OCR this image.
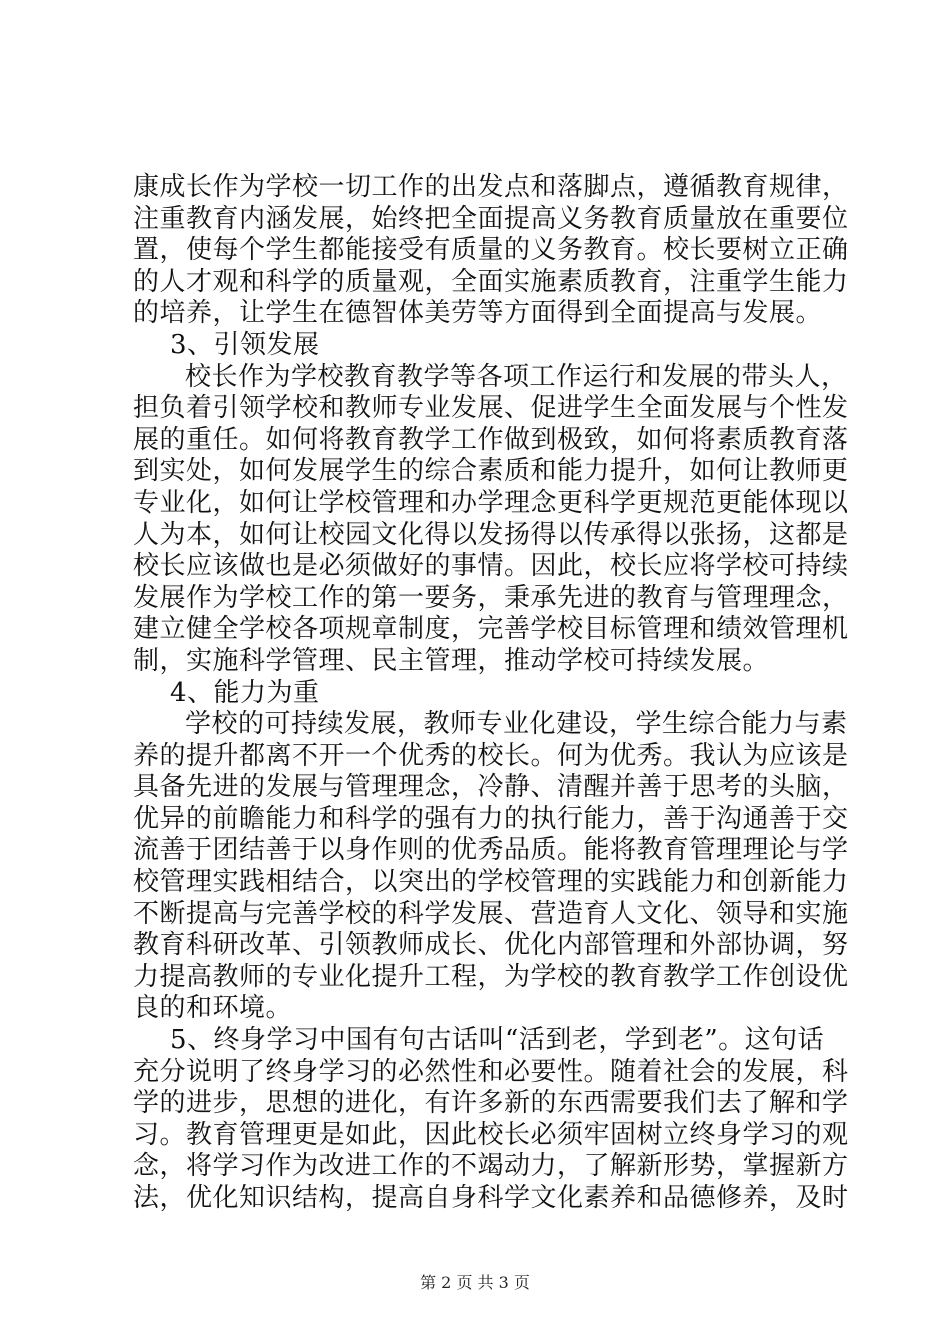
康成长作为学校一切工作的出发点和落脚点，遵循教育规律，
注重教育内涵发展，始终把全面提高义务教育质量放在重要位
置，使每个学生都能接受有质量的义务教育。校长要树立正确
的人才观和科学的质量观，全面实施素质教育，注重学生能力
的培养，让学生在德智体美劳等方面得到全面提高与发展。
3、引领发展
校长作为学校教育教学等各项工作运行和发展的带头人，
担负着引领学校和教师专业发展、促进学生全面发展与个性发
展的重任。如何将教育教学工作做到极致，如何将素质教育落
到实处，如何发展学生的综合素质和能力提升，如何让教师更
专业化，如何让学校管理和办学理念更科学更规范更能体现以
人为本，如何让校园文化得以发扬得以传承得以张扬，这都是
校长应该做也是必须做好的事情。因此，校长应将学校可持续
发展作为学校工作的第一要务，秉承先进的教育与管理理念，
建立健全学校各项规章制度，完善学校目标管理和绩效管理机
制，实施科学管理、民主管理，推动学校可持续发展。
4、能力为重
学校的可持续发展，教师专业化建设，学生综合能力与素
养的提升都离不开一个优秀的校长。何为优秀。我认为应该是
具备先进的发展与管理理念，冷静、清醒并善于思考的头脑，
优异的前瞻能力和科学的强有力的执行能力，善于沟通善于交
流善于团结善于以身作则的优秀品质。能将教育管理理论与学
校管理实践相结合，以突出的学校管理的实践能力和创新能力
不断提高与完善学校的科学发展、营造育人文化、领导和实施
教育科研改革、引领教师成长、优化内部管理和外部协调，努
力提高教师的专业化提升工程，为学校的教育教学工作创设优
良的和环境。
5、终身学习中国有句古话叫“活到老，学到老”。这句话
充分说明了终身学习的必然性和必要性。随着社会的发展，科
学的进步，思想的进化，有许多新的东西需要我们去了解和学
习。教育管理更是如此，因此校长必须牢固树立终身学习的观
念，将学习作为改进工作的不竭动力，了解新形势，掌握新方
法，优化知识结构，提高自身科学文化素养和品德修养，及时
第 2 页 共 3 页
